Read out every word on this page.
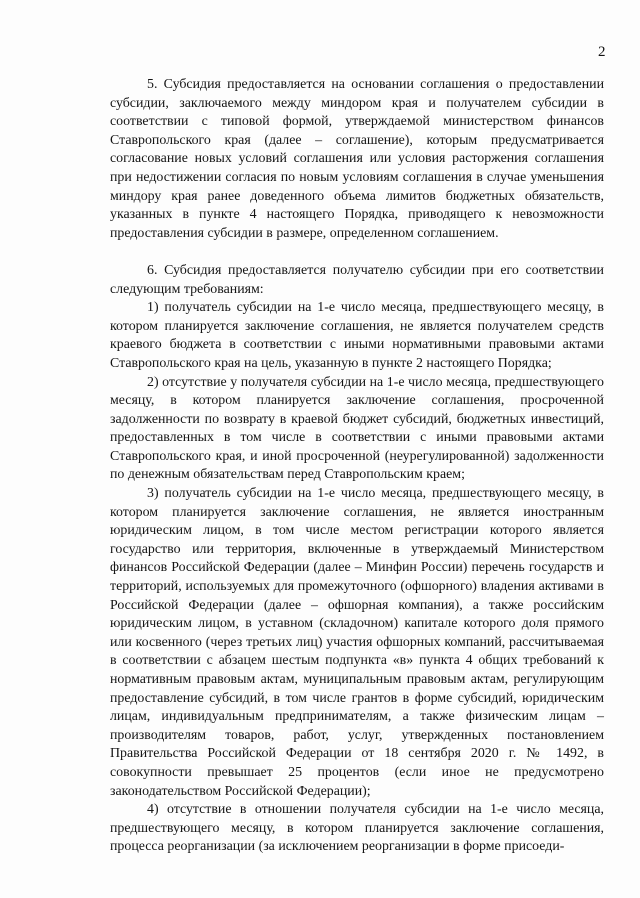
2

5. Субсидия предоставляется на основании соглашения о предоставлении субсидии, заключаемого между миндором края и получателем субсидии в соответствии с типовой формой, утверждаемой министерством финансов Ставропольского края (далее – соглашение), которым предусматривается согласование новых условий соглашения или условия расторжения соглашения при недостижении согласия по новым условиям соглашения в случае уменьшения миндору края ранее доведенного объема лимитов бюджетных обязательств, указанных в пункте 4 настоящего Порядка, приводящего к невозможности предоставления субсидии в размере, определенном соглашением.

6. Субсидия предоставляется получателю субсидии при его соответствии следующим требованиям:

1) получатель субсидии на 1-е число месяца, предшествующего месяцу, в котором планируется заключение соглашения, не является получателем средств краевого бюджета в соответствии с иными нормативными правовыми актами Ставропольского края на цель, указанную в пункте 2 настоящего Порядка;

2) отсутствие у получателя субсидии на 1-е число месяца, предшествующего месяцу, в котором планируется заключение соглашения, просроченной задолженности по возврату в краевой бюджет субсидий, бюджетных инвестиций, предоставленных в том числе в соответствии с иными правовыми актами Ставропольского края, и иной просроченной (неурегулированной) задолженности по денежным обязательствам перед Ставропольским краем;

3) получатель субсидии на 1-е число месяца, предшествующего месяцу, в котором планируется заключение соглашения, не является иностранным юридическим лицом, в том числе местом регистрации которого является государство или территория, включенные в утверждаемый Министерством финансов Российской Федерации (далее – Минфин России) перечень государств и территорий, используемых для промежуточного (офшорного) владения активами в Российской Федерации (далее – офшорная компания), а также российским юридическим лицом, в уставном (складочном) капитале которого доля прямого или косвенного (через третьих лиц) участия офшорных компаний, рассчитываемая в соответствии с абзацем шестым подпункта «в» пункта 4 общих требований к нормативным правовым актам, муниципальным правовым актам, регулирующим предоставление субсидий, в том числе грантов в форме субсидий, юридическим лицам, индивидуальным предпринимателям, а также физическим лицам – производителям товаров, работ, услуг, утвержденных постановлением Правительства Российской Федерации от 18 сентября 2020 г. № 1492, в совокупности превышает 25 процентов (если иное не предусмотрено законодательством Российской Федерации);

4) отсутствие в отношении получателя субсидии на 1-е число месяца, предшествующего месяцу, в котором планируется заключение соглашения, процесса реорганизации (за исключением реорганизации в форме присоеди-
